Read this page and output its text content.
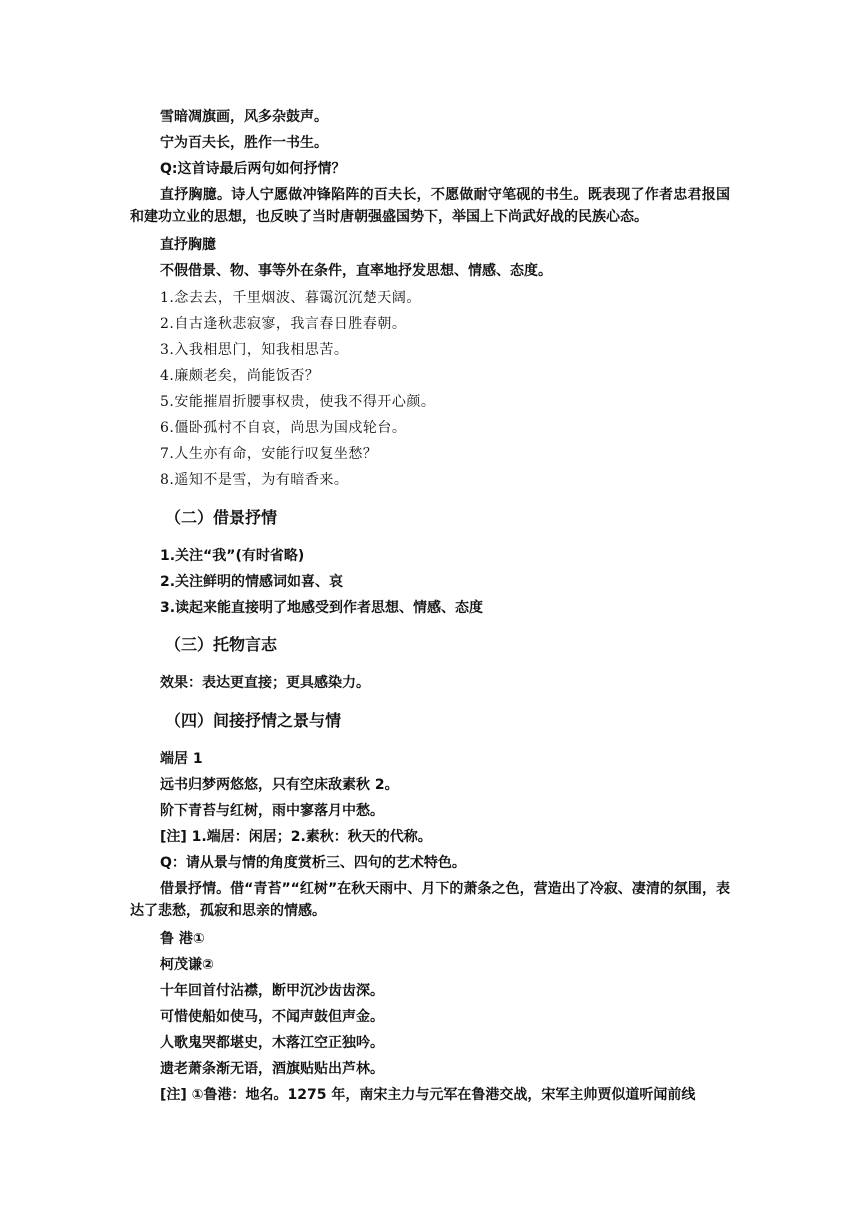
雪暗凋旗画，风多杂鼓声。
宁为百夫长，胜作一书生。
Q:这首诗最后两句如何抒情？
直抒胸臆。诗人宁愿做冲锋陷阵的百夫长，不愿做耐守笔砚的书生。既表现了作者忠君报国和建功立业的思想，也反映了当时唐朝强盛国势下，举国上下尚武好战的民族心态。
直抒胸臆
不假借景、物、事等外在条件，直率地抒发思想、情感、态度。
1.念去去，千里烟波、暮霭沉沉楚天阔。
2.自古逢秋悲寂寥，我言春日胜春朝。
3.入我相思门，知我相思苦。
4.廉颇老矣，尚能饭否？
5.安能摧眉折腰事权贵，使我不得开心颜。
6.僵卧孤村不自哀，尚思为国戍轮台。
7.人生亦有命，安能行叹复坐愁？
8.遥知不是雪，为有暗香来。
（二）借景抒情
1.关注“我”(有时省略)
2.关注鲜明的情感词如喜、哀
3.读起来能直接明了地感受到作者思想、情感、态度
（三）托物言志
效果：表达更直接；更具感染力。
（四）间接抒情之景与情
端居 1
远书归梦两悠悠，只有空床敌素秋 2。
阶下青苔与红树，雨中寥落月中愁。
[注] 1.端居：闲居；2.素秋：秋天的代称。
Q：请从景与情的角度赏析三、四句的艺术特色。
借景抒情。借“青苔”“红树”在秋天雨中、月下的萧条之色，营造出了冷寂、凄清的氛围，表达了悲愁，孤寂和思亲的情感。
鲁 港①
柯茂谦②
十年回首付沾襟，断甲沉沙齿齿深。
可惜使船如使马，不闻声鼓但声金。
人歌鬼哭都堪史，木落江空正独吟。
遗老萧条渐无语，酒旗贴贴出芦林。
[注] ①鲁港：地名。1275 年，南宋主力与元军在鲁港交战，宋军主帅贾似道听闻前线
